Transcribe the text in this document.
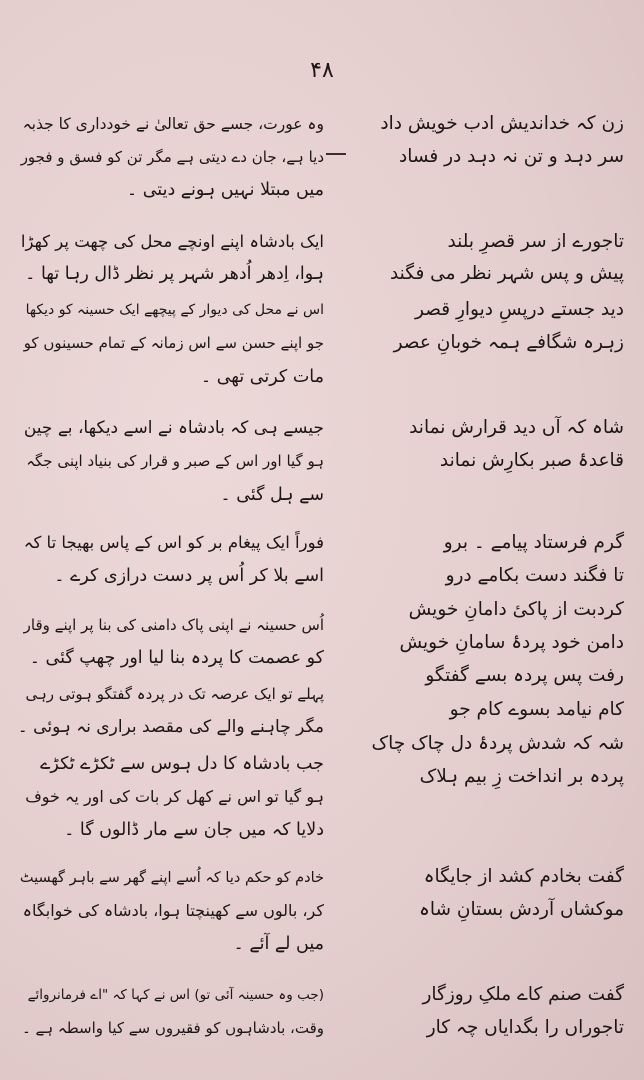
۴۸
وہ عورت، جسے حق تعالیٰ نے خودداری کا جذبہ
دیا ہے، جان دے دیتی ہے مگر تن کو فسق و فجور
میں مبتلا نہیں ہونے دیتی ۔
ایک بادشاہ اپنے اونچے محل کی چھت پر کھڑا
ہوا، اِدھر اُدھر شہر پر نظر ڈال رہا تھا ۔
اس نے محل کی دیوار کے پیچھے ایک حسینہ کو دیکھا
جو اپنے حسن سے اس زمانہ کے تمام حسینوں کو
مات کرتی تھی ۔
جیسے ہی کہ بادشاہ نے اسے دیکھا، بے چین
ہو گیا اور اس کے صبر و قرار کی بنیاد اپنی جگہ
سے ہل گئی ۔
فوراً ایک پیغام بر کو اس کے پاس بھیجا تا کہ
اسے بلا کر اُس پر دست درازی کرے ۔
اُس حسینہ نے اپنی پاک دامنی کی بنا پر اپنے وقار
کو عصمت کا پردہ بنا لیا اور چھپ گئی ۔
پہلے تو ایک عرصہ تک در پردہ گفتگو ہوتی رہی
مگر چاہنے والے کی مقصد براری نہ ہوئی ۔
جب بادشاہ کا دل ہوس سے ٹکڑے ٹکڑے
ہو گیا تو اس نے کھل کر بات کی اور یہ خوف
دلایا کہ میں جان سے مار ڈالوں گا ۔
خادم کو حکم دیا کہ اُسے اپنے گھر سے باہر گھسیٹ
کر، بالوں سے کھینچتا ہوا، بادشاہ کی خوابگاہ
میں لے آئے ۔
(جب وہ حسینہ آئی تو) اس نے کہا کہ "اے فرمانروائے
وقت، بادشاہوں کو فقیروں سے کیا واسطہ ہے ۔
زن کہ خداندیش ادب خویش داد
سر دہد و تن نہ دہد در فساد
تاجورے از سر قصرِ بلند
پیش و پس شہر نظر می فگند
دید جستے درپسِ دیوارِ قصر
زہرہ شگافے ہمہ خوبانِ عصر
شاہ کہ آں دید قرارش نماند
قاعدۂ صبر بکارِش نماند
گرم فرستاد پیامے ۔ برو
تا فگند دست بکامے درو
کردبت از پاکیٔ دامانِ خویش
دامن خود پردۂ سامانِ خویش
رفت پس پردہ بسے گفتگو
کام نیامد بسوے کام جو
شہ کہ شدش پردۂ دل چاک چاک
پردہ بر انداخت زِ بیم ہلاک
گفت بخادم کشد از جایگاہ
موکشاں آردش بستانِ شاہ
گفت صنم کاے ملکِ روزگار
تاجوراں را بگدایاں چہ کار
